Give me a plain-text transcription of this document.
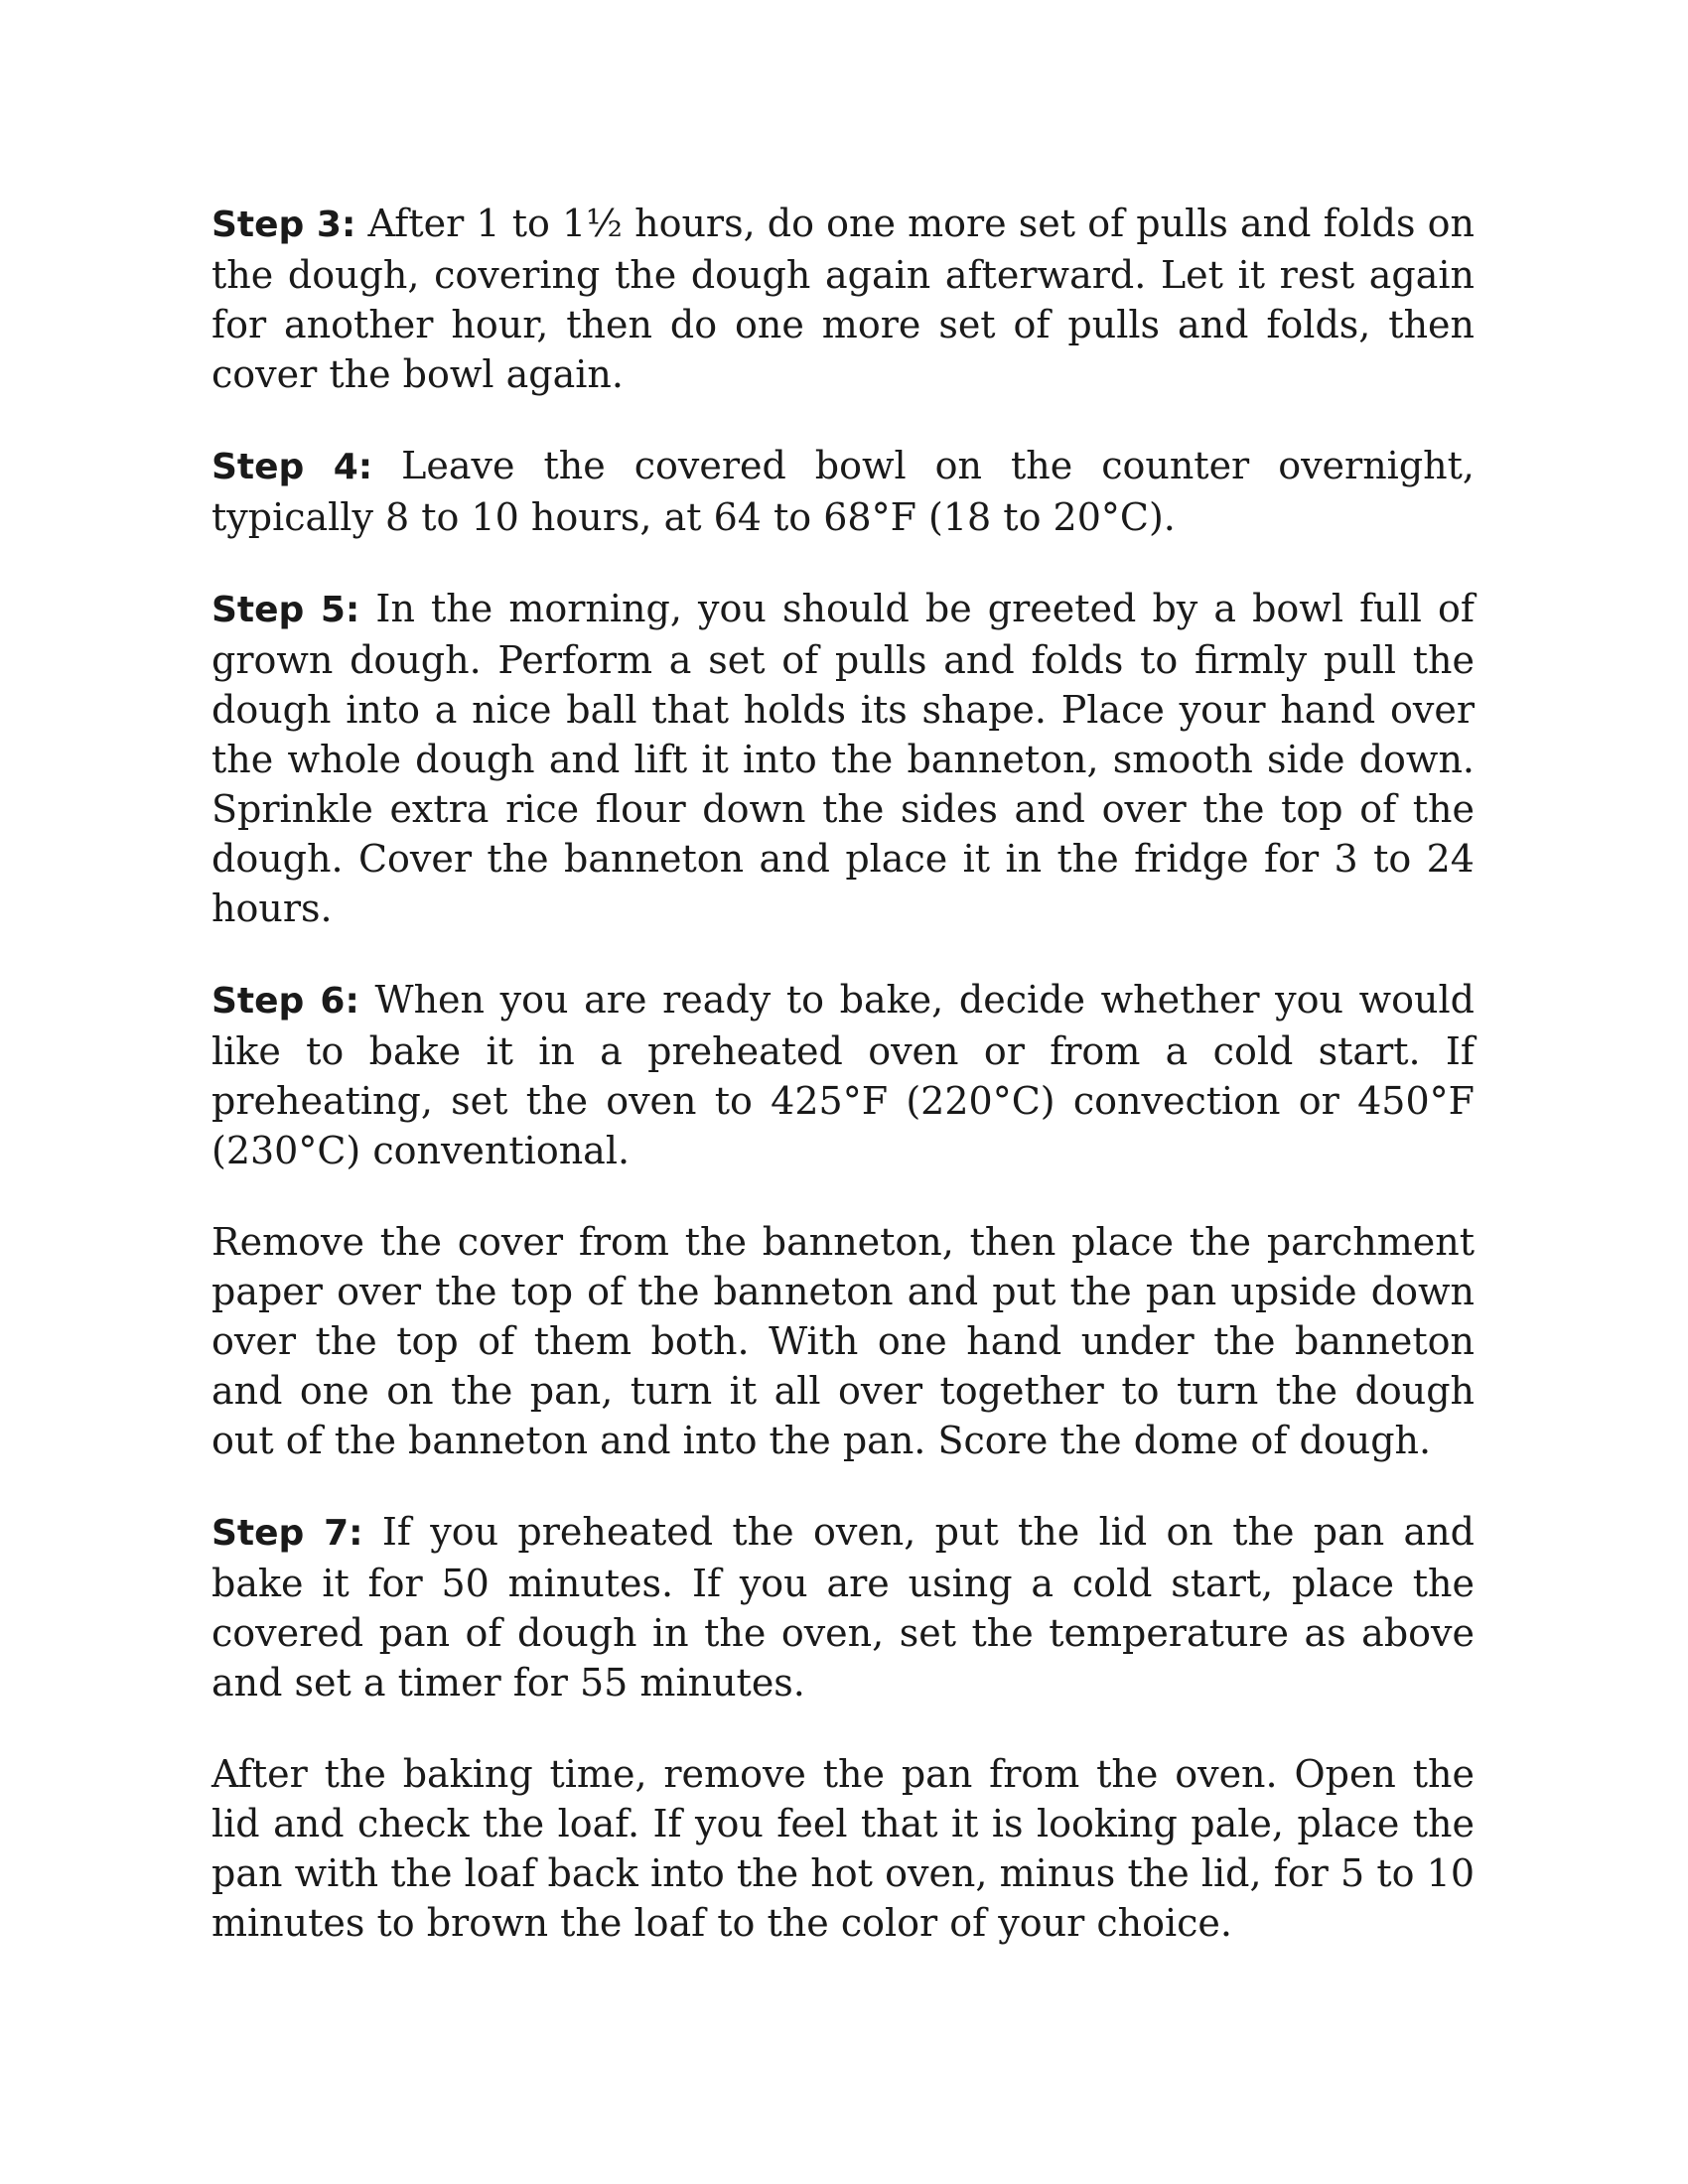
Step 3: After 1 to 1½ hours, do one more set of pulls and folds on the dough, covering the dough again afterward. Let it rest again for another hour, then do one more set of pulls and folds, then cover the bowl again.

Step 4: Leave the covered bowl on the counter overnight, typically 8 to 10 hours, at 64 to 68°F (18 to 20°C).

Step 5: In the morning, you should be greeted by a bowl full of grown dough. Perform a set of pulls and folds to firmly pull the dough into a nice ball that holds its shape. Place your hand over the whole dough and lift it into the banneton, smooth side down. Sprinkle extra rice flour down the sides and over the top of the dough. Cover the banneton and place it in the fridge for 3 to 24 hours.

Step 6: When you are ready to bake, decide whether you would like to bake it in a preheated oven or from a cold start. If preheating, set the oven to 425°F (220°C) convection or 450°F (230°C) conventional.

Remove the cover from the banneton, then place the parchment paper over the top of the banneton and put the pan upside down over the top of them both. With one hand under the banneton and one on the pan, turn it all over together to turn the dough out of the banneton and into the pan. Score the dome of dough.

Step 7: If you preheated the oven, put the lid on the pan and bake it for 50 minutes. If you are using a cold start, place the covered pan of dough in the oven, set the temperature as above and set a timer for 55 minutes.

After the baking time, remove the pan from the oven. Open the lid and check the loaf. If you feel that it is looking pale, place the pan with the loaf back into the hot oven, minus the lid, for 5 to 10 minutes to brown the loaf to the color of your choice.
